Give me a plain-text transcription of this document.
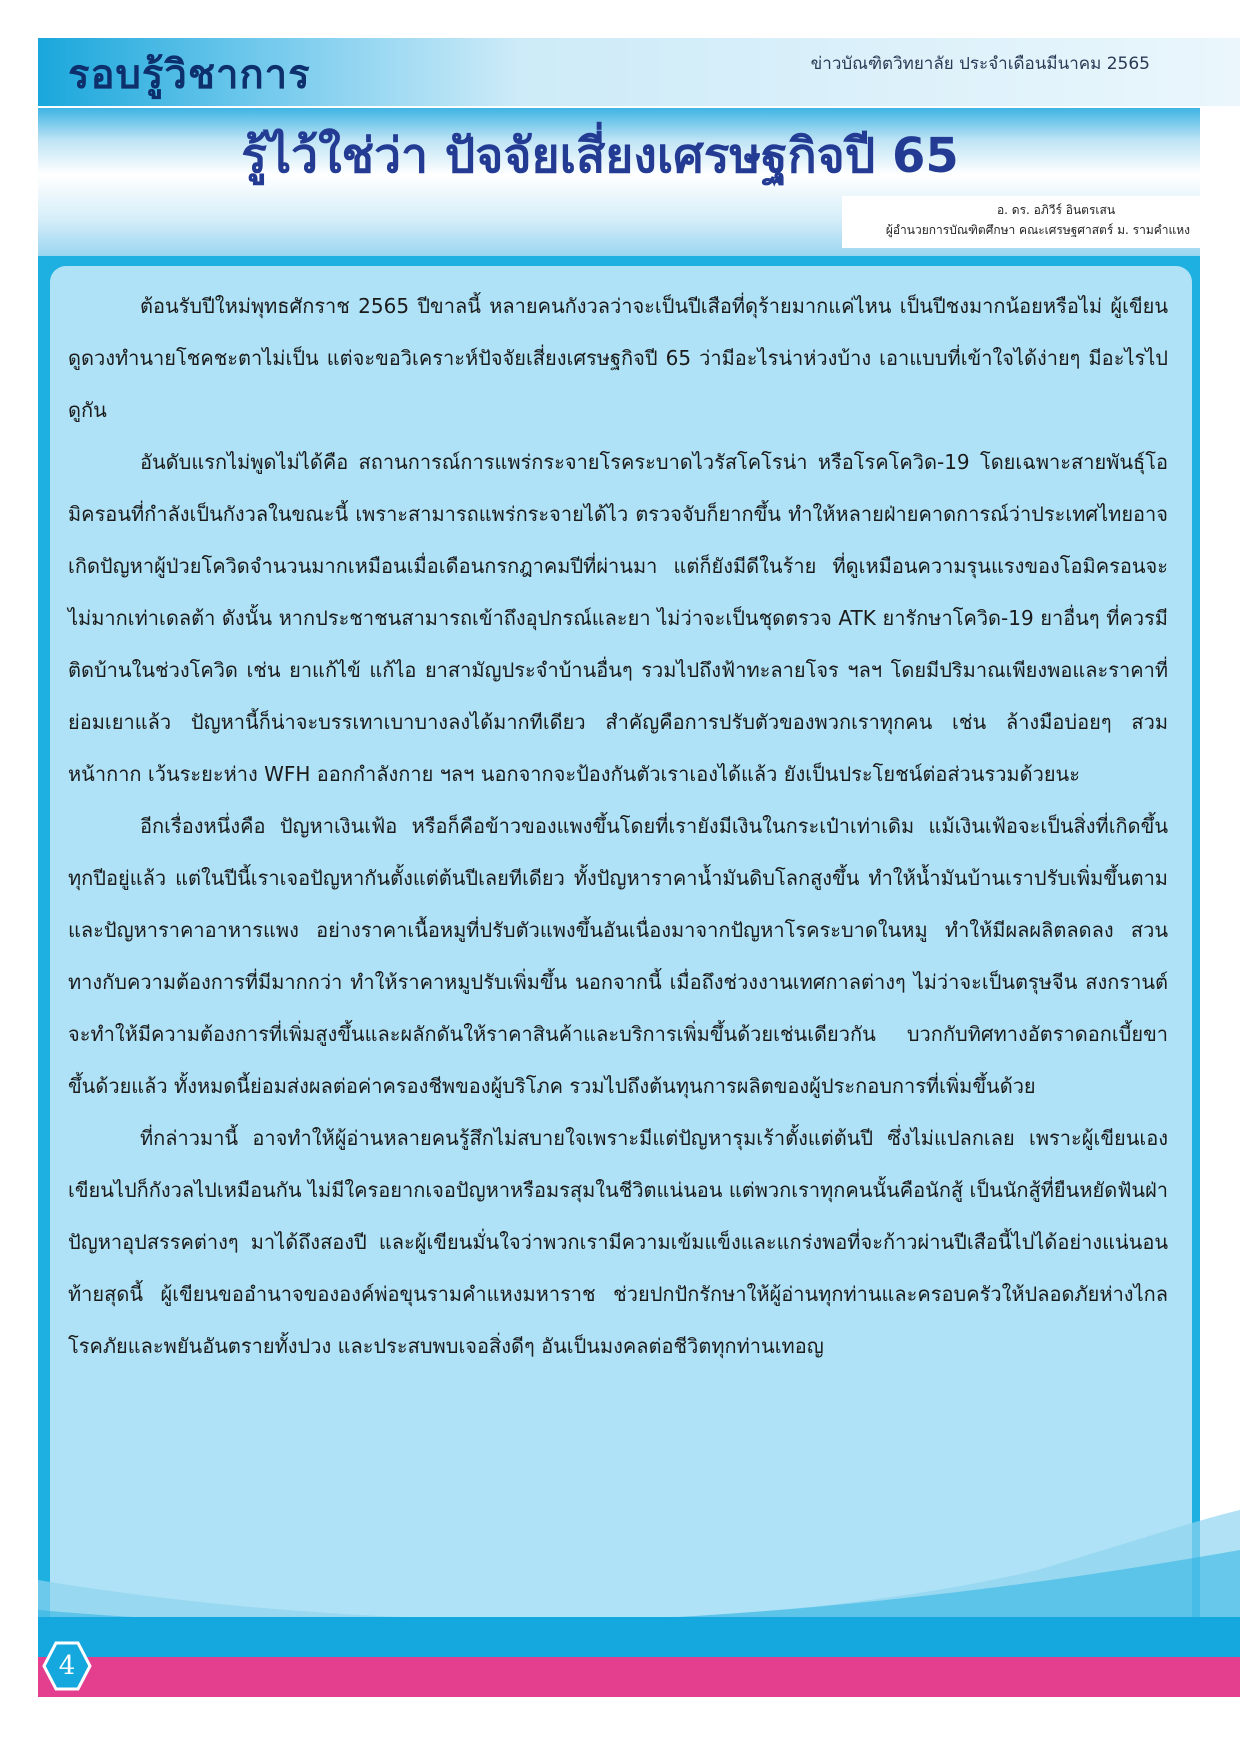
รอบรู้วิชาการ	ข่าวบัณฑิตวิทยาลัย ประจำเดือนมีนาคม 2565
รู้ไว้ใช่ว่า ปัจจัยเสี่ยงเศรษฐกิจปี 65
อ. ดร. อภิวีร์ อินตรเสน
ผู้อำนวยการบัณฑิตศึกษา คณะเศรษฐศาสตร์ ม. รามคำแหง

ต้อนรับปีใหม่พุทธศักราช 2565 ปีขาลนี้ หลายคนกังวลว่าจะเป็นปีเสือที่ดุร้ายมากแค่ไหน เป็นปีชงมากน้อยหรือไม่ ผู้เขียนดูดวงทำนายโชคชะตาไม่เป็น แต่จะขอวิเคราะห์ปัจจัยเสี่ยงเศรษฐกิจปี 65 ว่ามีอะไรน่าห่วงบ้าง เอาแบบที่เข้าใจได้ง่ายๆ มีอะไรไปดูกัน

อันดับแรกไม่พูดไม่ได้คือ สถานการณ์การแพร่กระจายโรคระบาดไวรัสโคโรน่า หรือโรคโควิด-19 โดยเฉพาะสายพันธุ์โอมิครอนที่กำลังเป็นกังวลในขณะนี้ เพราะสามารถแพร่กระจายได้ไว ตรวจจับก็ยากขึ้น ทำให้หลายฝ่ายคาดการณ์ว่าประเทศไทยอาจเกิดปัญหาผู้ป่วยโควิดจำนวนมากเหมือนเมื่อเดือนกรกฎาคมปีที่ผ่านมา แต่ก็ยังมีดีในร้าย ที่ดูเหมือนความรุนแรงของโอมิครอนจะไม่มากเท่าเดลต้า ดังนั้น หากประชาชนสามารถเข้าถึงอุปกรณ์และยา ไม่ว่าจะเป็นชุดตรวจ ATK ยารักษาโควิด-19 ยาอื่นๆ ที่ควรมีติดบ้านในช่วงโควิด เช่น ยาแก้ไข้ แก้ไอ ยาสามัญประจำบ้านอื่นๆ รวมไปถึงฟ้าทะลายโจร ฯลฯ โดยมีปริมาณเพียงพอและราคาที่ย่อมเยาแล้ว ปัญหานี้ก็น่าจะบรรเทาเบาบางลงได้มากทีเดียว สำคัญคือการปรับตัวของพวกเราทุกคน เช่น ล้างมือบ่อยๆ สวมหน้ากาก เว้นระยะห่าง WFH ออกกำลังกาย ฯลฯ นอกจากจะป้องกันตัวเราเองได้แล้ว ยังเป็นประโยชน์ต่อส่วนรวมด้วยนะ

อีกเรื่องหนึ่งคือ ปัญหาเงินเฟ้อ หรือก็คือข้าวของแพงขึ้นโดยที่เรายังมีเงินในกระเป๋าเท่าเดิม แม้เงินเฟ้อจะเป็นสิ่งที่เกิดขึ้นทุกปีอยู่แล้ว แต่ในปีนี้เราเจอปัญหากันตั้งแต่ต้นปีเลยทีเดียว ทั้งปัญหาราคาน้ำมันดิบโลกสูงขึ้น ทำให้น้ำมันบ้านเราปรับเพิ่มขึ้นตาม และปัญหาราคาอาหารแพง อย่างราคาเนื้อหมูที่ปรับตัวแพงขึ้นอันเนื่องมาจากปัญหาโรคระบาดในหมู ทำให้มีผลผลิตลดลง สวนทางกับความต้องการที่มีมากกว่า ทำให้ราคาหมูปรับเพิ่มขึ้น นอกจากนี้ เมื่อถึงช่วงงานเทศกาลต่างๆ ไม่ว่าจะเป็นตรุษจีน สงกรานต์ จะทำให้มีความต้องการที่เพิ่มสูงขึ้นและผลักดันให้ราคาสินค้าและบริการเพิ่มขึ้นด้วยเช่นเดียวกัน บวกกับทิศทางอัตราดอกเบี้ยขาขึ้นด้วยแล้ว ทั้งหมดนี้ย่อมส่งผลต่อค่าครองชีพของผู้บริโภค รวมไปถึงต้นทุนการผลิตของผู้ประกอบการที่เพิ่มขึ้นด้วย

ที่กล่าวมานี้ อาจทำให้ผู้อ่านหลายคนรู้สึกไม่สบายใจเพราะมีแต่ปัญหารุมเร้าตั้งแต่ต้นปี ซึ่งไม่แปลกเลย เพราะผู้เขียนเอง เขียนไปก็กังวลไปเหมือนกัน ไม่มีใครอยากเจอปัญหาหรือมรสุมในชีวิตแน่นอน แต่พวกเราทุกคนนั้นคือนักสู้ เป็นนักสู้ที่ยืนหยัดฟันฝ่าปัญหาอุปสรรคต่างๆ มาได้ถึงสองปี และผู้เขียนมั่นใจว่าพวกเรามีความเข้มแข็งและแกร่งพอที่จะก้าวผ่านปีเสือนี้ไปได้อย่างแน่นอน ท้ายสุดนี้ ผู้เขียนขออำนาจขององค์พ่อขุนรามคำแหงมหาราช ช่วยปกปักรักษาให้ผู้อ่านทุกท่านและครอบครัวให้ปลอดภัยห่างไกลโรคภัยและพยันอันตรายทั้งปวง และประสบพบเจอสิ่งดีๆ อันเป็นมงคลต่อชีวิตทุกท่านเทอญ

4
